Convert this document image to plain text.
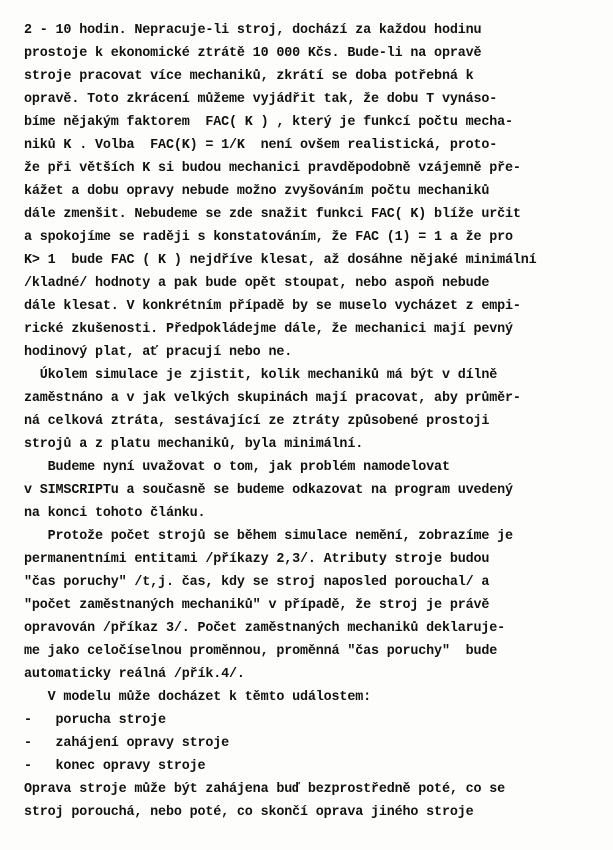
2 - 10 hodin. Nepracuje-li stroj, dochází za každou hodinu
prostoje k ekonomické ztrátě 10 000 Kčs. Bude-li na opravě
stroje pracovat více mechaniků, zkrátí se doba potřebná k
opravě. Toto zkrácení můžeme vyjádřit tak, že dobu T vynáso-
bíme nějakým faktorem  FAC( K ) , který je funkcí počtu mecha-
niků K . Volba  FAC(K) = 1/K  není ovšem realistická, proto-
že při větších K si budou mechanici pravděpodobně vzájemně pře-
kážet a dobu opravy nebude možno zvyšováním počtu mechaniků
dále zmenšit. Nebudeme se zde snažit funkci FAC( K) blíže určit
a spokojíme se raději s konstatováním, že FAC (1) = 1 a že pro
K> 1  bude FAC ( K ) nejdříve klesat, až dosáhne nějaké minimální
/kladné/ hodnoty a pak bude opět stoupat, nebo aspoň nebude
dále klesat. V konkrétním případě by se muselo vycházet z empi-
rické zkušenosti. Předpokládejme dále, že mechanici mají pevný
hodinový plat, ať pracují nebo ne.
Úkolem simulace je zjistit, kolik mechaniků má být v dílně
zaměstnáno a v jak velkých skupinách mají pracovat, aby průměr-
ná celková ztráta, sestávající ze ztráty způsobené prostoji
strojů a z platu mechaniků, byla minimální.
Budeme nyní uvažovat o tom, jak problém namodelovat
v SIMSCRIPTu a současně se budeme odkazovat na program uvedený
na konci tohoto článku.
Protože počet strojů se během simulace nemění, zobrazíme je
permanentními entitami /příkazy 2,3/. Atributy stroje budou
"čas poruchy" /t,j. čas, kdy se stroj naposled porouchal/ a
"počet zaměstnaných mechaniků" v případě, že stroj je právě
opravován /příkaz 3/. Počet zaměstnaných mechaniků deklaruje-
me jako celočíselnou proměnnou, proměnná "čas poruchy"  bude
automaticky reálná /přík.4/.
V modelu může docházet k těmto událostem:
-   porucha stroje
-   zahájení opravy stroje
-   konec opravy stroje
Oprava stroje může být zahájena buď bezprostředně poté, co se
stroj porouchá, nebo poté, co skončí oprava jiného stroje
